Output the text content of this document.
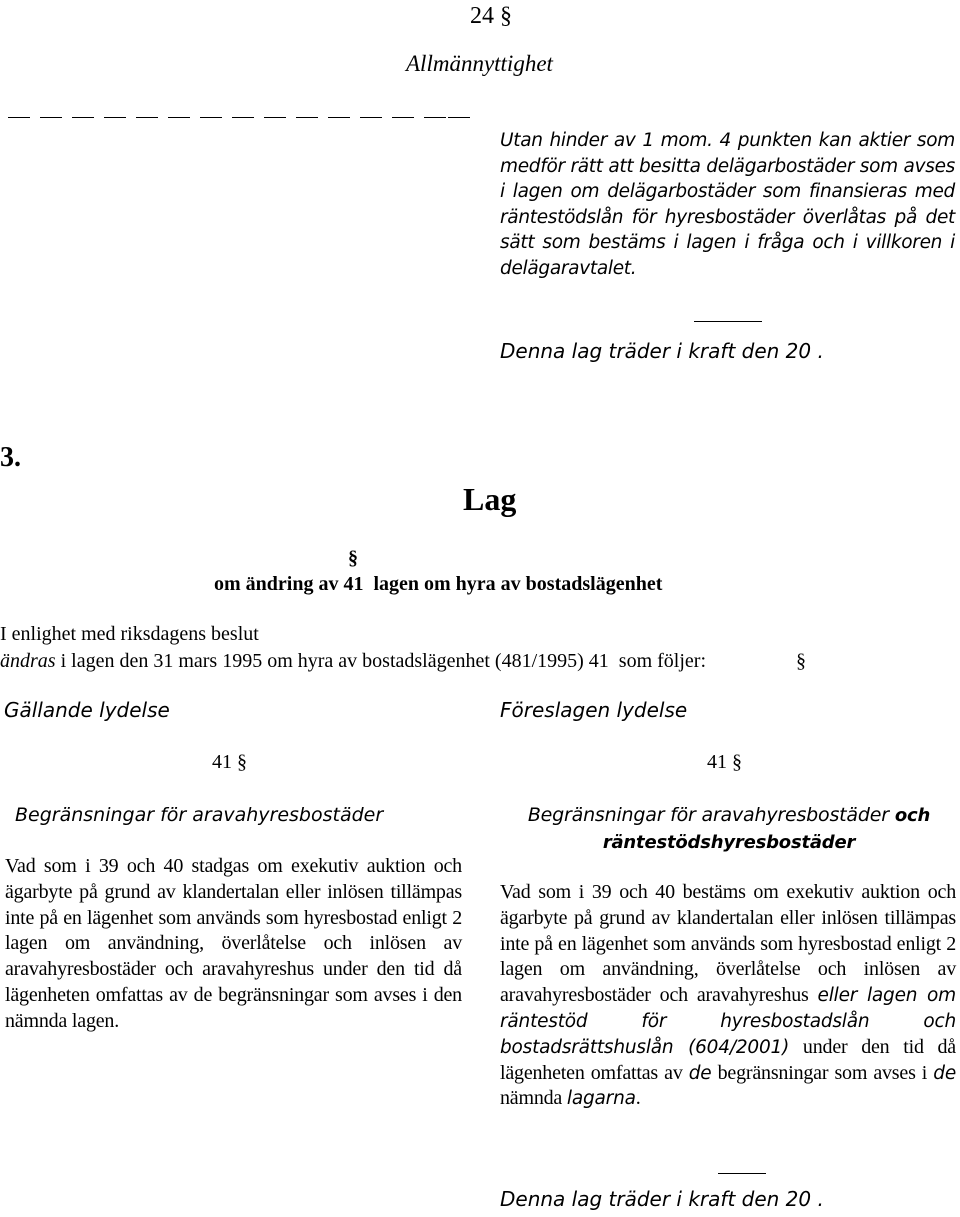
24 §
Allmännyttighet

Utan hinder av 1 mom. 4 punkten kan aktier som medför rätt att besitta delägarbostäder som avses i lagen om delägarbostäder som finansieras med räntestödslån för hyresbostäder överlåtas på det sätt som bestäms i lagen i fråga och i villkoren i delägaravtalet.

Denna lag träder i kraft den 20 .
3.
Lag

om ändring av 41  lagen om hyra av bostadslägenhet

§
I enlighet med riksdagens beslut
ändras i lagen den 31 mars 1995 om hyra av bostadslägenhet (481/1995) 41  som följer:	§
Gällande lydelse	Föreslagen lydelse
41 §	41 §
Begränsningar för aravahyresbostäder	Begränsningar för aravahyresbostäder och räntestödshyresbostäder

Vad som i 39 och 40 stadgas om exekutiv auktion och ägarbyte på grund av klandertalan eller inlösen tillämpas inte på en lägenhet som används som hyresbostad enligt 2 lagen om användning, överlåtelse och inlösen av aravahyresbostäder och aravahyreshus under den tid då lägenheten omfattas av de begränsningar som avses i den nämnda lagen.

Vad som i 39 och 40 bestäms om exekutiv auktion och ägarbyte på grund av klandertalan eller inlösen tillämpas inte på en lägenhet som används som hyresbostad enligt 2 lagen om användning, överlåtelse och inlösen av aravahyresbostäder och aravahyreshus eller lagen om räntestöd för hyresbostadslån och bostadsrättshuslån (604/2001) under den tid då lägenheten omfattas av de begränsningar som avses i de nämnda lagarna.

Denna lag träder i kraft den 20 .
